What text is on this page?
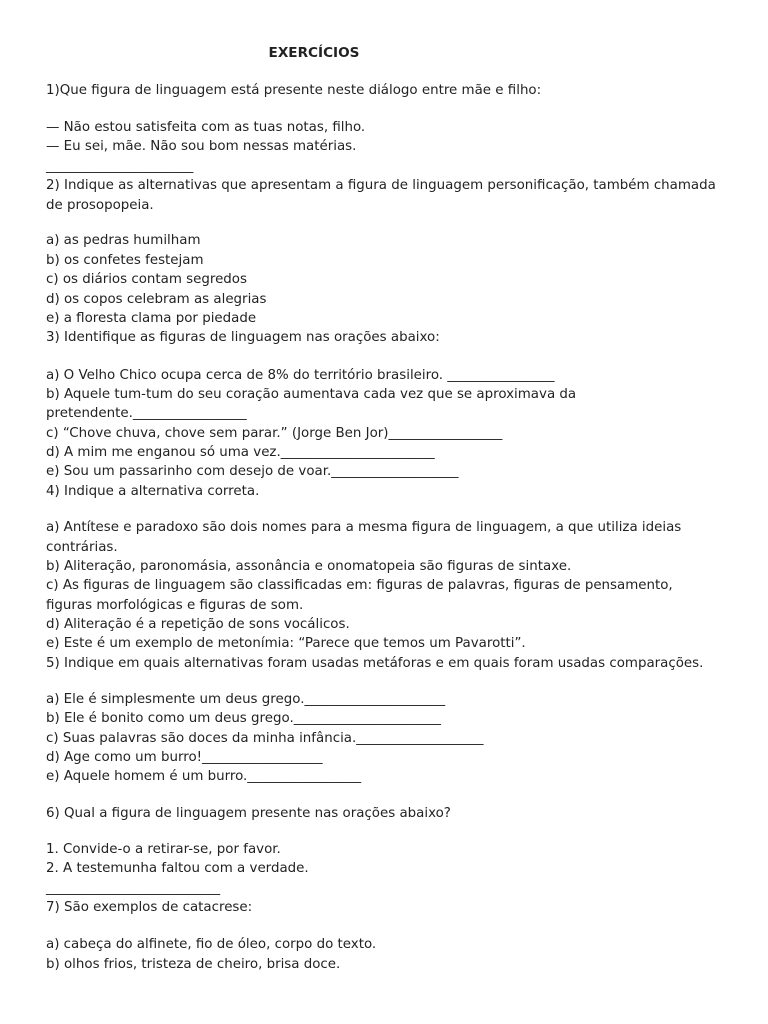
EXERCÍCIOS
1)Que figura de linguagem está presente neste diálogo entre mãe e filho:
— Não estou satisfeita com as tuas notas, filho.
— Eu sei, mãe. Não sou bom nessas matérias.
______________________
2) Indique as alternativas que apresentam a figura de linguagem personificação, também chamada
de prosopopeia.
a) as pedras humilham
b) os confetes festejam
c) os diários contam segredos
d) os copos celebram as alegrias
e) a floresta clama por piedade
3) Identifique as figuras de linguagem nas orações abaixo:
a) O Velho Chico ocupa cerca de 8% do território brasileiro. ________________
b) Aquele tum-tum do seu coração aumentava cada vez que se aproximava da
pretendente._________________
c) “Chove chuva, chove sem parar.” (Jorge Ben Jor)_________________
d) A mim me enganou só uma vez._______________________
e) Sou um passarinho com desejo de voar.___________________
4) Indique a alternativa correta.
a) Antítese e paradoxo são dois nomes para a mesma figura de linguagem, a que utiliza ideias
contrárias.
b) Aliteração, paronomásia, assonância e onomatopeia são figuras de sintaxe.
c) As figuras de linguagem são classificadas em: figuras de palavras, figuras de pensamento,
figuras morfológicas e figuras de som.
d) Aliteração é a repetição de sons vocálicos.
e) Este é um exemplo de metonímia: “Parece que temos um Pavarotti”.
5) Indique em quais alternativas foram usadas metáforas e em quais foram usadas comparações.
a) Ele é simplesmente um deus grego._____________________
b) Ele é bonito como um deus grego.______________________
c) Suas palavras são doces da minha infância.___________________
d) Age como um burro!__________________
e) Aquele homem é um burro._________________
6) Qual a figura de linguagem presente nas orações abaixo?
1. Convide-o a retirar-se, por favor.
2. A testemunha faltou com a verdade.
__________________________
7) São exemplos de catacrese:
a) cabeça do alfinete, fio de óleo, corpo do texto.
b) olhos frios, tristeza de cheiro, brisa doce.
